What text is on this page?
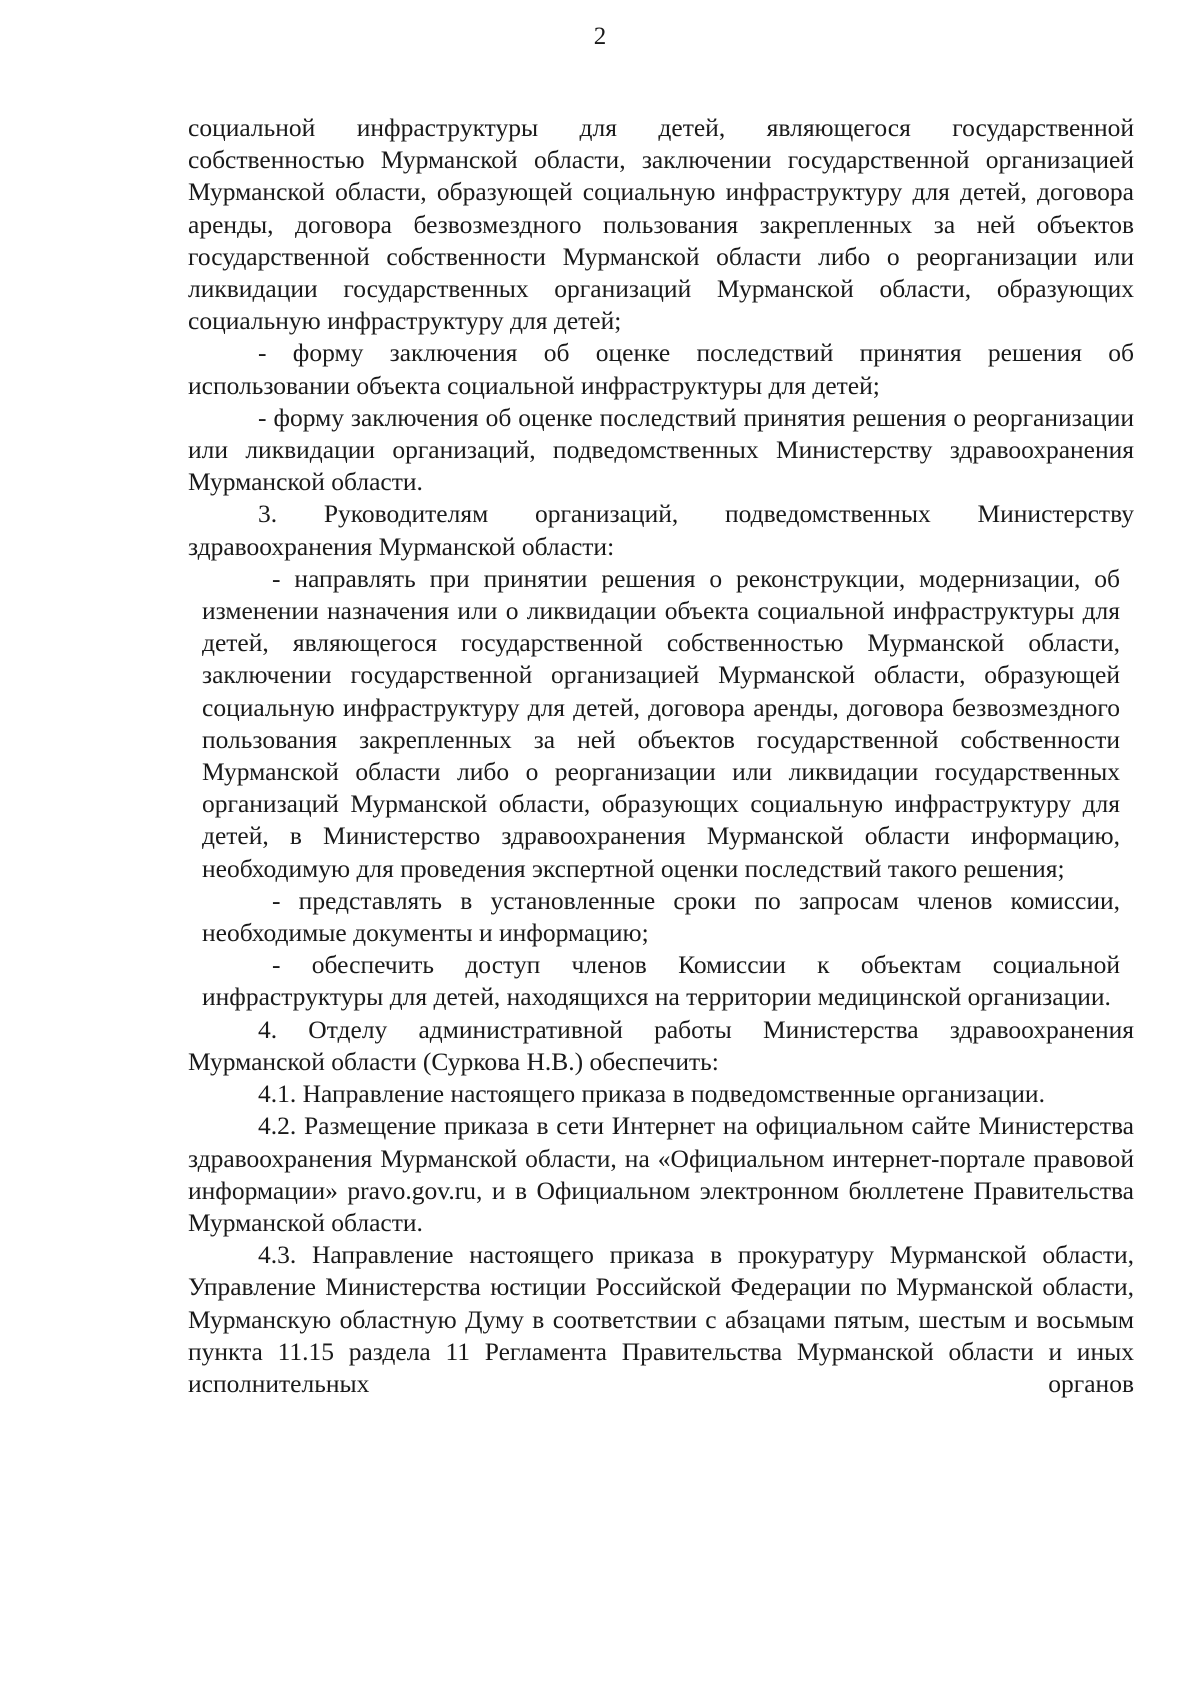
2

социальной инфраструктуры для детей, являющегося государственной собственностью Мурманской области, заключении государственной организацией Мурманской области, образующей социальную инфраструктуру для детей, договора аренды, договора безвозмездного пользования закрепленных за ней объектов государственной собственности Мурманской области либо о реорганизации или ликвидации государственных организаций Мурманской области, образующих социальную инфраструктуру для детей;

- форму заключения об оценке последствий принятия решения об использовании объекта социальной инфраструктуры для детей;

- форму заключения об оценке последствий принятия решения о реорганизации или ликвидации организаций, подведомственных Министерству здравоохранения Мурманской области.

3. Руководителям организаций, подведомственных Министерству здравоохранения Мурманской области:

- направлять при принятии решения о реконструкции, модернизации, об изменении назначения или о ликвидации объекта социальной инфраструктуры для детей, являющегося государственной собственностью Мурманской области, заключении государственной организацией Мурманской области, образующей социальную инфраструктуру для детей, договора аренды, договора безвозмездного пользования закрепленных за ней объектов государственной собственности Мурманской области либо о реорганизации или ликвидации государственных организаций Мурманской области, образующих социальную инфраструктуру для детей, в Министерство здравоохранения Мурманской области информацию, необходимую для проведения экспертной оценки последствий такого решения;

- представлять в установленные сроки по запросам членов комиссии, необходимые документы и информацию;

- обеспечить доступ членов Комиссии к объектам социальной инфраструктуры для детей, находящихся на территории медицинской организации.

4. Отделу административной работы Министерства здравоохранения Мурманской области (Суркова Н.В.) обеспечить:

4.1. Направление настоящего приказа в подведомственные организации.

4.2. Размещение приказа в сети Интернет на официальном сайте Министерства здравоохранения Мурманской области, на «Официальном интернет-портале правовой информации» pravo.gov.ru, и в Официальном электронном бюллетене Правительства Мурманской области.

4.3. Направление настоящего приказа в прокуратуру Мурманской области, Управление Министерства юстиции Российской Федерации по Мурманской области, Мурманскую областную Думу в соответствии с абзацами пятым, шестым и восьмым пункта 11.15 раздела 11 Регламента Правительства Мурманской области и иных исполнительных органов
